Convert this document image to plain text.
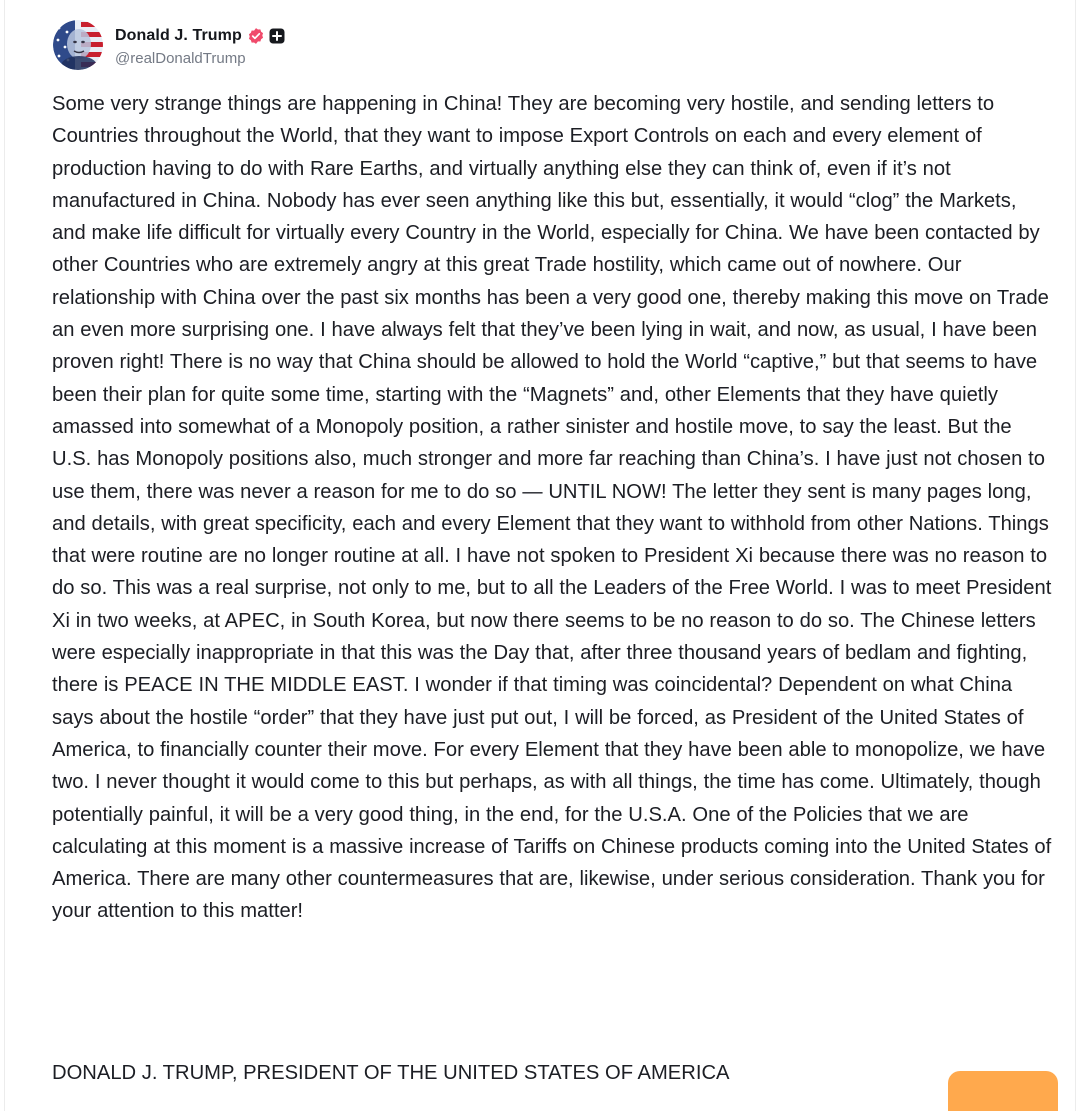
Donald J. Trump
@realDonaldTrump

Some very strange things are happening in China! They are becoming very hostile, and sending letters to Countries throughout the World, that they want to impose Export Controls on each and every element of production having to do with Rare Earths, and virtually anything else they can think of, even if it’s not manufactured in China. Nobody has ever seen anything like this but, essentially, it would “clog” the Markets, and make life difficult for virtually every Country in the World, especially for China. We have been contacted by other Countries who are extremely angry at this great Trade hostility, which came out of nowhere. Our relationship with China over the past six months has been a very good one, thereby making this move on Trade an even more surprising one. I have always felt that they’ve been lying in wait, and now, as usual, I have been proven right! There is no way that China should be allowed to hold the World “captive,” but that seems to have been their plan for quite some time, starting with the “Magnets” and, other Elements that they have quietly amassed into somewhat of a Monopoly position, a rather sinister and hostile move, to say the least. But the U.S. has Monopoly positions also, much stronger and more far reaching than China’s. I have just not chosen to use them, there was never a reason for me to do so — UNTIL NOW! The letter they sent is many pages long, and details, with great specificity, each and every Element that they want to withhold from other Nations. Things that were routine are no longer routine at all. I have not spoken to President Xi because there was no reason to do so. This was a real surprise, not only to me, but to all the Leaders of the Free World. I was to meet President Xi in two weeks, at APEC, in South Korea, but now there seems to be no reason to do so. The Chinese letters were especially inappropriate in that this was the Day that, after three thousand years of bedlam and fighting, there is PEACE IN THE MIDDLE EAST. I wonder if that timing was coincidental? Dependent on what China says about the hostile “order” that they have just put out, I will be forced, as President of the United States of America, to financially counter their move. For every Element that they have been able to monopolize, we have two. I never thought it would come to this but perhaps, as with all things, the time has come. Ultimately, though potentially painful, it will be a very good thing, in the end, for the U.S.A. One of the Policies that we are calculating at this moment is a massive increase of Tariffs on Chinese products coming into the United States of America. There are many other countermeasures that are, likewise, under serious consideration. Thank you for your attention to this matter!

DONALD J. TRUMP, PRESIDENT OF THE UNITED STATES OF AMERICA
